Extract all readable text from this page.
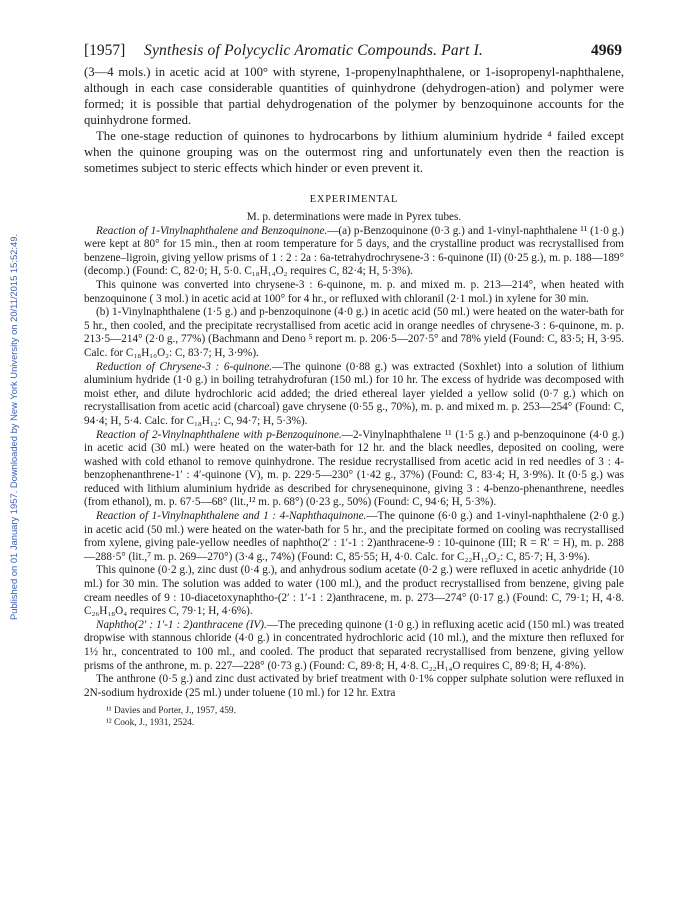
Published on 01 January 1957. Downloaded by New York University on 20/11/2015 15:52:49.
[1957] Synthesis of Polycyclic Aromatic Compounds. Part I.	4969

(3—4 mols.) in acetic acid at 100° with styrene, 1-propenylnaphthalene, or 1-isopropenyl-naphthalene, although in each case considerable quantities of quinhydrone (dehydrogen-ation) and polymer were formed; it is possible that partial dehydrogenation of the polymer by benzoquinone accounts for the quinhydrone formed.

The one-stage reduction of quinones to hydrocarbons by lithium aluminium hydride ⁴ failed except when the quinone grouping was on the outermost ring and unfortunately even then the reaction is sometimes subject to steric effects which hinder or even prevent it.

EXPERIMENTAL

M. p. determinations were made in Pyrex tubes.

Reaction of 1-Vinylnaphthalene and Benzoquinone.—(a) p-Benzoquinone (0·3 g.) and 1-vinyl-naphthalene ¹¹ (1·0 g.) were kept at 80° for 15 min., then at room temperature for 5 days, and the crystalline product was recrystallised from benzene–ligroin, giving yellow prisms of 1 : 2 : 2a : 6a-tetrahydrochrysene-3 : 6-quinone (II) (0·25 g.), m. p. 188—189° (decomp.) (Found: C, 82·0; H, 5·0. C₁₈H₁₄O₂ requires C, 82·4; H, 5·3%).

This quinone was converted into chrysene-3 : 6-quinone, m. p. and mixed m. p. 213—214°, when heated with benzoquinone ( 3 mol.) in acetic acid at 100° for 4 hr., or refluxed with chloranil (2·1 mol.) in xylene for 30 min.

(b) 1-Vinylnaphthalene (1·5 g.) and p-benzoquinone (4·0 g.) in acetic acid (50 ml.) were heated on the water-bath for 5 hr., then cooled, and the precipitate recrystallised from acetic acid in orange needles of chrysene-3 : 6-quinone, m. p. 213·5—214° (2·0 g., 77%) (Bachmann and Deno ⁵ report m. p. 206·5—207·5° and 78% yield (Found: C, 83·5; H, 3·95. Calc. for C₁₈H₁₀O₂: C, 83·7; H, 3·9%).

Reduction of Chrysene-3 : 6-quinone.—The quinone (0·88 g.) was extracted (Soxhlet) into a solution of lithium aluminium hydride (1·0 g.) in boiling tetrahydrofuran (150 ml.) for 10 hr. The excess of hydride was decomposed with moist ether, and dilute hydrochloric acid added; the dried ethereal layer yielded a yellow solid (0·7 g.) which on recrystallisation from acetic acid (charcoal) gave chrysene (0·55 g., 70%), m. p. and mixed m. p. 253—254° (Found: C, 94·4; H, 5·4. Calc. for C₁₈H₁₂: C, 94·7; H, 5·3%).

Reaction of 2-Vinylnaphthalene with p-Benzoquinone.—2-Vinylnaphthalene ¹¹ (1·5 g.) and p-benzoquinone (4·0 g.) in acetic acid (30 ml.) were heated on the water-bath for 12 hr. and the black needles, deposited on cooling, were washed with cold ethanol to remove quinhydrone. The residue recrystallised from acetic acid in red needles of 3 : 4-benzophenanthrene-1′ : 4′-quinone (V), m. p. 229·5—230° (1·42 g., 37%) (Found: C, 83·4; H, 3·9%). It (0·5 g.) was reduced with lithium aluminium hydride as described for chrysenequinone, giving 3 : 4-benzo-phenanthrene, needles (from ethanol), m. p. 67·5—68° (lit.,¹² m. p. 68°) (0·23 g., 50%) (Found: C, 94·6; H, 5·3%).

Reaction of 1-Vinylnaphthalene and 1 : 4-Naphthaquinone.—The quinone (6·0 g.) and 1-vinyl-naphthalene (2·0 g.) in acetic acid (50 ml.) were heated on the water-bath for 5 hr., and the precipitate formed on cooling was recrystallised from xylene, giving pale-yellow needles of naphtho(2′ : 1′-1 : 2)anthracene-9 : 10-quinone (III; R = R′ = H), m. p. 288—288·5° (lit.,⁷ m. p. 269—270°) (3·4 g., 74%) (Found: C, 85·55; H, 4·0. Calc. for C₂₂H₁₂O₂: C, 85·7; H, 3·9%).

This quinone (0·2 g.), zinc dust (0·4 g.), and anhydrous sodium acetate (0·2 g.) were refluxed in acetic anhydride (10 ml.) for 30 min. The solution was added to water (100 ml.), and the product recrystallised from benzene, giving pale cream needles of 9 : 10-diacetoxynaphtho-(2′ : 1′-1 : 2)anthracene, m. p. 273—274° (0·17 g.) (Found: C, 79·1; H, 4·8. C₂₆H₁₈O₄ requires C, 79·1; H, 4·6%).

Naphtho(2′ : 1′-1 : 2)anthracene (IV).—The preceding quinone (1·0 g.) in refluxing acetic acid (150 ml.) was treated dropwise with stannous chloride (4·0 g.) in concentrated hydrochloric acid (10 ml.), and the mixture then refluxed for 1½ hr., concentrated to 100 ml., and cooled. The product that separated recrystallised from benzene, giving yellow prisms of the anthrone, m. p. 227—228° (0·73 g.) (Found: C, 89·8; H, 4·8. C₂₂H₁₄O requires C, 89·8; H, 4·8%).

The anthrone (0·5 g.) and zinc dust activated by brief treatment with 0·1% copper sulphate solution were refluxed in 2N-sodium hydroxide (25 ml.) under toluene (10 ml.) for 12 hr. Extra

¹¹ Davies and Porter, J., 1957, 459.
¹² Cook, J., 1931, 2524.
